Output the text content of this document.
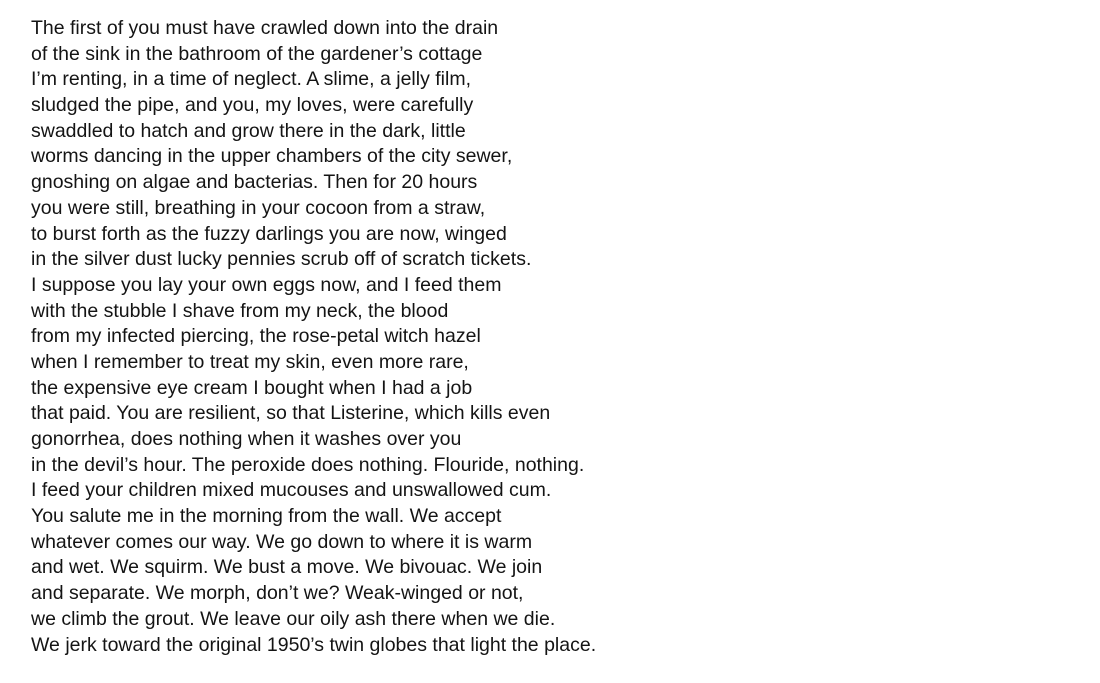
The first of you must have crawled down into the drain
of the sink in the bathroom of the gardener’s cottage
I’m renting, in a time of neglect. A slime, a jelly film,
sludged the pipe, and you, my loves, were carefully
swaddled to hatch and grow there in the dark, little
worms dancing in the upper chambers of the city sewer,
gnoshing on algae and bacterias. Then for 20 hours
you were still, breathing in your cocoon from a straw,
to burst forth as the fuzzy darlings you are now, winged
in the silver dust lucky pennies scrub off of scratch tickets.
I suppose you lay your own eggs now, and I feed them
with the stubble I shave from my neck, the blood
from my infected piercing, the rose-petal witch hazel
when I remember to treat my skin, even more rare,
the expensive eye cream I bought when I had a job
that paid. You are resilient, so that Listerine, which kills even
gonorrhea, does nothing when it washes over you
in the devil’s hour. The peroxide does nothing. Flouride, nothing.
I feed your children mixed mucouses and unswallowed cum.
You salute me in the morning from the wall. We accept
whatever comes our way. We go down to where it is warm
and wet. We squirm. We bust a move. We bivouac. We join
and separate. We morph, don’t we? Weak-winged or not,
we climb the grout. We leave our oily ash there when we die.
We jerk toward the original 1950’s twin globes that light the place.
